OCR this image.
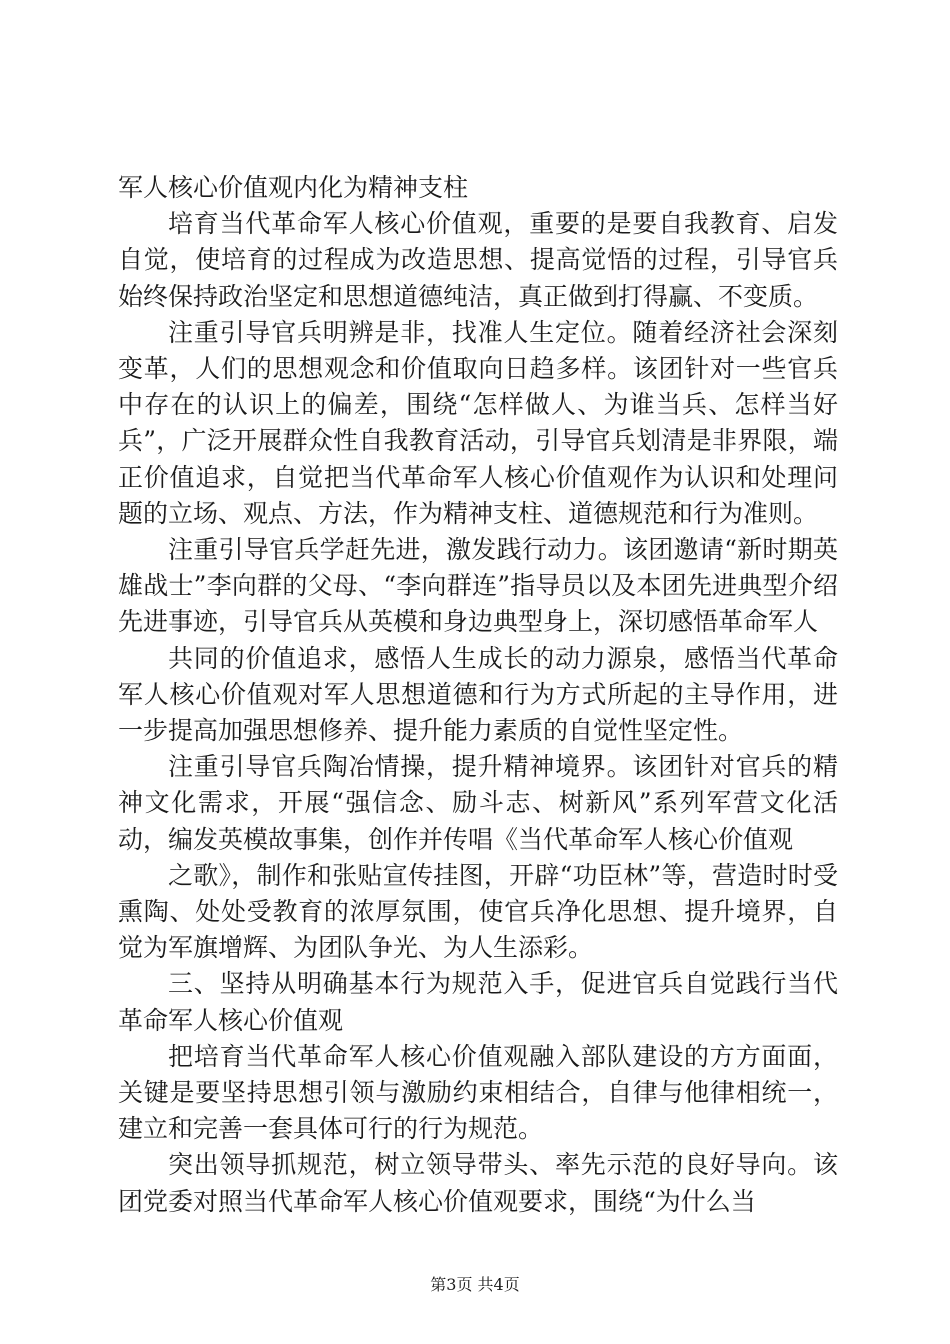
军人核心价值观内化为精神支柱

培育当代革命军人核心价值观，重要的是要自我教育、启发自觉，使培育的过程成为改造思想、提高觉悟的过程，引导官兵始终保持政治坚定和思想道德纯洁，真正做到打得赢、不变质。

注重引导官兵明辨是非，找准人生定位。随着经济社会深刻变革，人们的思想观念和价值取向日趋多样。该团针对一些官兵中存在的认识上的偏差，围绕“怎样做人、为谁当兵、怎样当好兵”，广泛开展群众性自我教育活动，引导官兵划清是非界限，端正价值追求，自觉把当代革命军人核心价值观作为认识和处理问题的立场、观点、方法，作为精神支柱、道德规范和行为准则。

注重引导官兵学赶先进，激发践行动力。该团邀请“新时期英雄战士”李向群的父母、“李向群连”指导员以及本团先进典型介绍先进事迹，引导官兵从英模和身边典型身上，深切感悟革命军人

共同的价值追求，感悟人生成长的动力源泉，感悟当代革命军人核心价值观对军人思想道德和行为方式所起的主导作用，进一步提高加强思想修养、提升能力素质的自觉性坚定性。

注重引导官兵陶冶情操，提升精神境界。该团针对官兵的精神文化需求，开展“强信念、励斗志、树新风”系列军营文化活动，编发英模故事集，创作并传唱《当代革命军人核心价值观

之歌》，制作和张贴宣传挂图，开辟“功臣林”等，营造时时受熏陶、处处受教育的浓厚氛围，使官兵净化思想、提升境界，自觉为军旗增辉、为团队争光、为人生添彩。

三、坚持从明确基本行为规范入手，促进官兵自觉践行当代革命军人核心价值观

把培育当代革命军人核心价值观融入部队建设的方方面面，关键是要坚持思想引领与激励约束相结合，自律与他律相统一，建立和完善一套具体可行的行为规范。

突出领导抓规范，树立领导带头、率先示范的良好导向。该团党委对照当代革命军人核心价值观要求，围绕“为什么当

第3页 共4页
